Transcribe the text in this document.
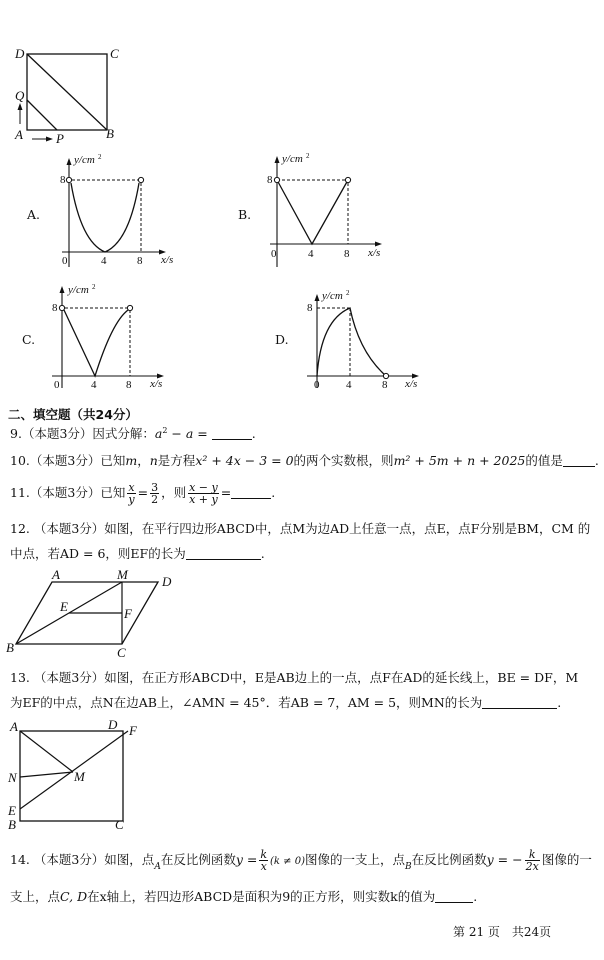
D	C
Q
A	P	B
A.
y/cm 2
x/s
0
8
4	8
B.
y/cm 2
x/s
0
8
4	8
C.
y/cm 2
x/s
0
8
4	8
D.
y/cm 2
x/s
0
8
4	8
二、填空题（共24分）
9.（本题3分）因式分解：$a^2 - a$ =	.
10.（本题3分）已知m，n是方程x² + 4x − 3 = 0的两个实数根，则m² + 5m + n + 2025的值是	.
11.（本题3分）已知 $\frac{x}{y} = \frac{3}{2}$ ，则 $\frac{x - y}{x + y}$ =	.
12. （本题3分）如图，在平行四边形ABCD中，点M为边AD上任意一点，点E，点F分别是BM，CM 的
中点，若AD = 6，则EF的长为	.
A	M	D
E	F
B	C
13. （本题3分）如图，在正方形ABCD中，E是AB边上的一点，点F在AD的延长线上，BE = DF，M
为EF的中点，点N在边AB上，∠AMN = 45°．若AB = 7，AM = 5，则MN的长为	.
A	D F
N	M
E
B	C
14. （本题3分）如图，点$_A$在反比例函数$y = \frac{k}{x} (k \ne 0)$图像的一支上，点$_B$在反比例函数y = − $\frac{k}{2x}$ 图像的一
支上，点C, D在x轴上，若四边形ABCD是面积为9的正方形，则实数k的值为	.
第 21 页　共24页
